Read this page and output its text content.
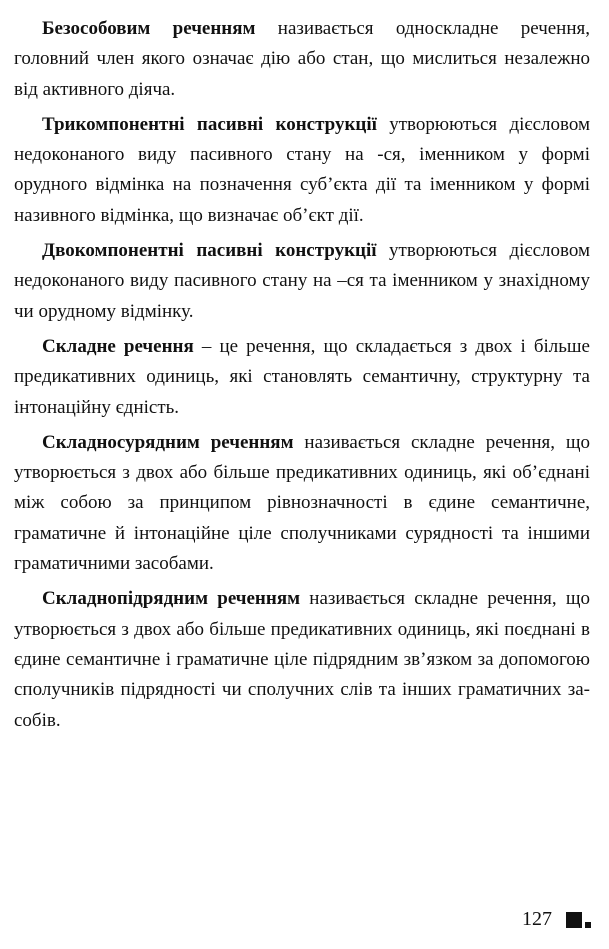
Безособовим реченням називається односкладне речення, головний член якого означає дію або стан, що мислиться незалежно від активного діяча.

Трикомпонентні пасивні конструкції утворюються дієсловом недоконаного виду пасивного стану на -ся, іменником у формі орудного відмінка на позначення суб’єкта дії та іменником у формі називного відмінка, що визначає об’єкт дії.

Двокомпонентні пасивні конструкції утворюються дієсловом недоконаного виду пасивного стану на –ся та іменником у знахідному чи орудному відмінку.

Складне речення – це речення, що складається з двох і більше предикативних одиниць, які становлять семантичну, структурну та інтонаційну єдність.

Складносурядним реченням називається складне речення, що утворюється з двох або більше предикативних одиниць, які об’єднані між собою за принципом рівнозначності в єдине семантичне, граматичне й інтонаційне ціле сполучниками сурядності та іншими граматичними засобами.

Складнопідрядним реченням називається складне речення, що утворюється з двох або більше предикативних одиниць, які поєднані в єдине семантичне і граматичне ціле підрядним зв’язком за допомогою сполучників підрядності чи сполучних слів та інших граматичних засобів.

127
